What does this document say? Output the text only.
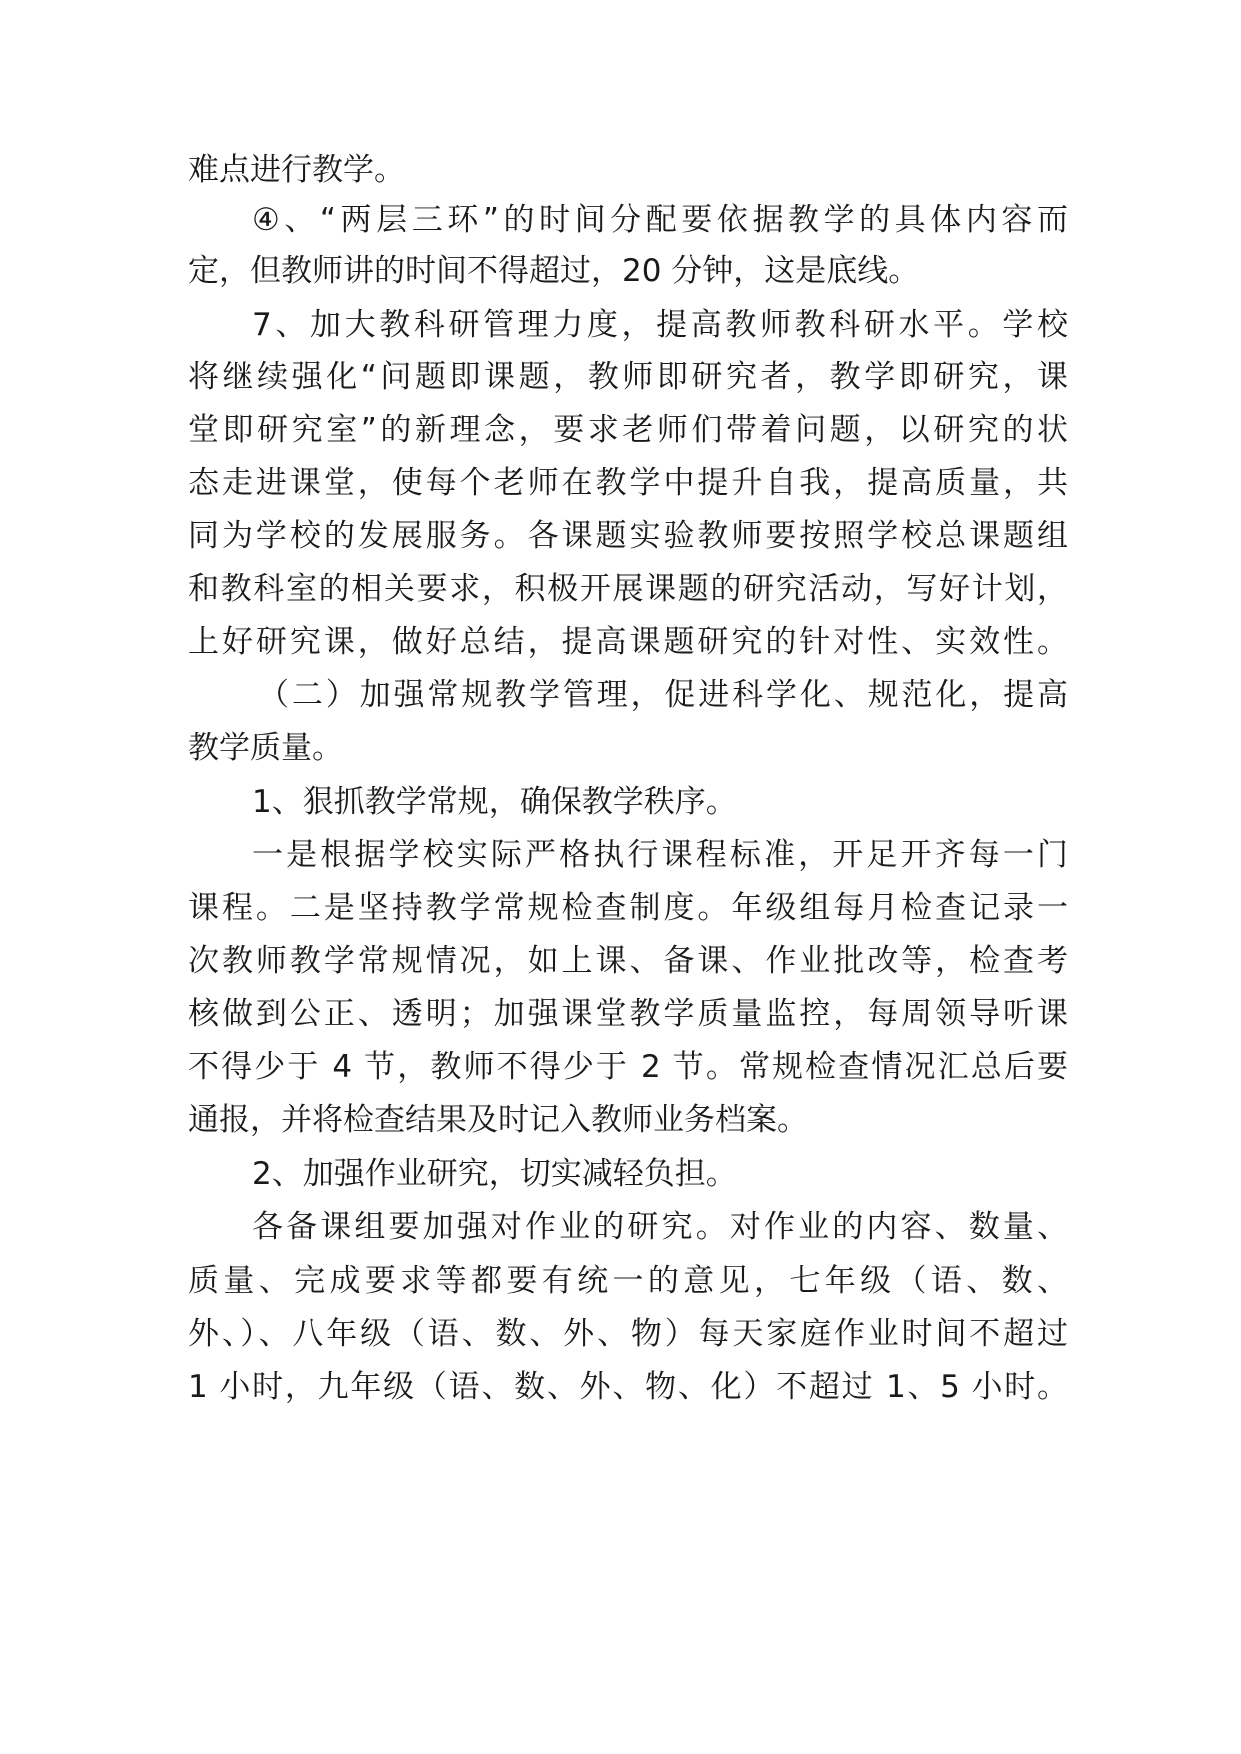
难点进行教学。
④、“两层三环”的时间分配要依据教学的具体内容而
定，但教师讲的时间不得超过，20 分钟，这是底线。
7、加大教科研管理力度，提高教师教科研水平。学校
将继续强化“问题即课题，教师即研究者，教学即研究，课
堂即研究室”的新理念，要求老师们带着问题，以研究的状
态走进课堂，使每个老师在教学中提升自我，提高质量，共
同为学校的发展服务。各课题实验教师要按照学校总课题组
和教科室的相关要求，积极开展课题的研究活动，写好计划，
上好研究课，做好总结，提高课题研究的针对性、实效性。
（二）加强常规教学管理，促进科学化、规范化，提高
教学质量。
1、狠抓教学常规，确保教学秩序。
一是根据学校实际严格执行课程标准，开足开齐每一门
课程。二是坚持教学常规检查制度。年级组每月检查记录一
次教师教学常规情况，如上课、备课、作业批改等，检查考
核做到公正、透明；加强课堂教学质量监控，每周领导听课
不得少于 4 节，教师不得少于 2 节。常规检查情况汇总后要
通报，并将检查结果及时记入教师业务档案。
2、加强作业研究，切实减轻负担。
各备课组要加强对作业的研究。对作业的内容、数量、
质量、完成要求等都要有统一的意见，七年级（语、数、
外、）、八年级（语、数、外、物）每天家庭作业时间不超过
1 小时，九年级（语、数、外、物、化）不超过 1、5 小时。
